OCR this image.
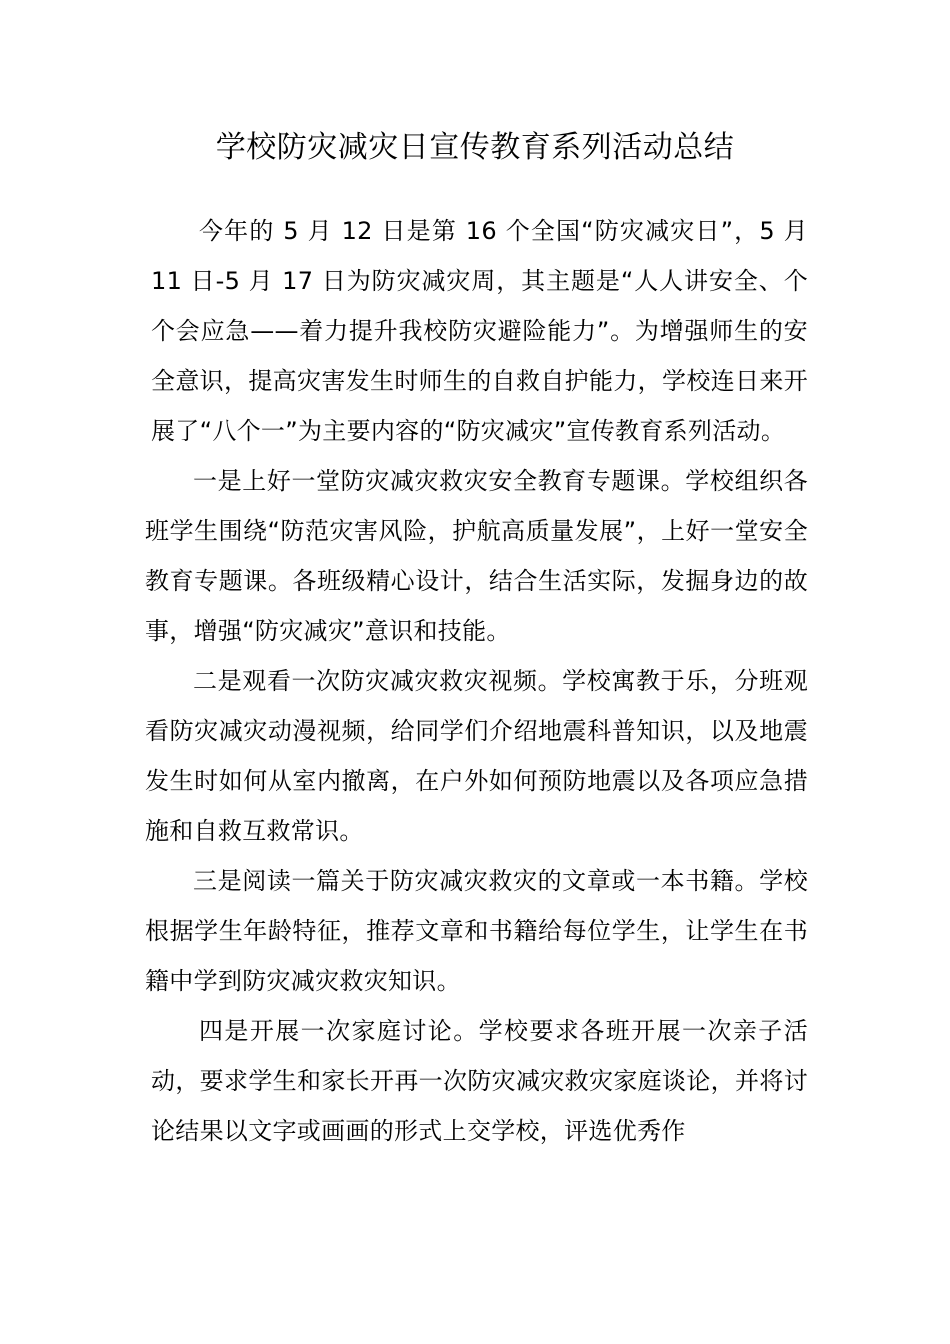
学校防灾减灾日宣传教育系列活动总结

今年的 5 月 12 日是第 16 个全国“防灾减灾日”，5 月 11 日-5 月 17 日为防灾减灾周，其主题是“人人讲安全、个个会应急——着力提升我校防灾避险能力”。为增强师生的安全意识，提高灾害发生时师生的自救自护能力，学校连日来开展了“八个一”为主要内容的“防灾减灾”宣传教育系列活动。

一是上好一堂防灾减灾救灾安全教育专题课。学校组织各班学生围绕“防范灾害风险，护航高质量发展”，上好一堂安全教育专题课。各班级精心设计，结合生活实际，发掘身边的故事，增强“防灾减灾”意识和技能。

二是观看一次防灾减灾救灾视频。学校寓教于乐，分班观看防灾减灾动漫视频，给同学们介绍地震科普知识，以及地震发生时如何从室内撤离，在户外如何预防地震以及各项应急措施和自救互救常识。

三是阅读一篇关于防灾减灾救灾的文章或一本书籍。学校根据学生年龄特征，推荐文章和书籍给每位学生，让学生在书籍中学到防灾减灾救灾知识。

四是开展一次家庭讨论。学校要求各班开展一次亲子活动，要求学生和家长开再一次防灾减灾救灾家庭谈论，并将讨论结果以文字或画画的形式上交学校，评选优秀作
